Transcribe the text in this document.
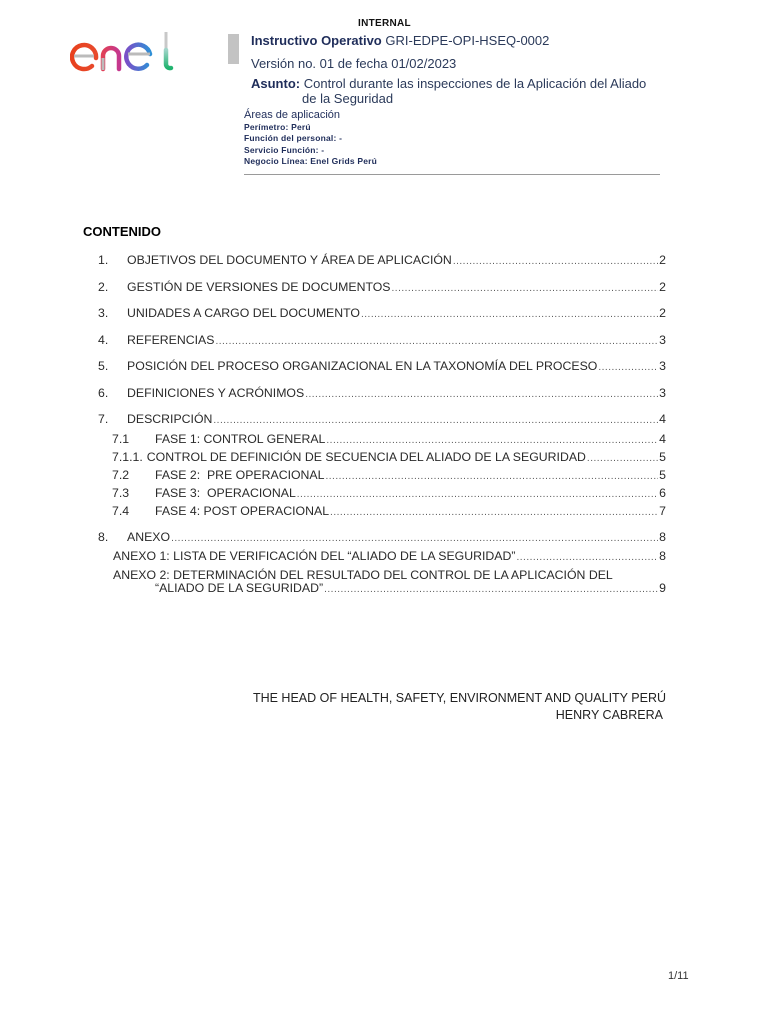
INTERNAL
Instructivo Operativo GRI-EDPE-OPI-HSEQ-0002
Versión no. 01 de fecha 01/02/2023
Asunto: Control durante las inspecciones de la Aplicación del Aliado
de la Seguridad
Áreas de aplicación
Perímetro: Perú
Función del personal: -
Servicio Función: -
Negocio Línea: Enel Grids Perú
CONTENIDO
1.	OBJETIVOS DEL DOCUMENTO Y ÁREA DE APLICACIÓN .....	2
2.	GESTIÓN DE VERSIONES DE DOCUMENTOS .....	2
3.	UNIDADES A CARGO DEL DOCUMENTO .....	2
4.	REFERENCIAS .....	3
5.	POSICIÓN DEL PROCESO ORGANIZACIONAL EN LA TAXONOMÍA DEL PROCESO .....	3
6.	DEFINICIONES Y ACRÓNIMOS .....	3
7.	DESCRIPCIÓN .....	4
7.1	FASE 1: CONTROL GENERAL .....	4
7.1.1. CONTROL DE DEFINICIÓN DE SECUENCIA DEL ALIADO DE LA SEGURIDAD .....	5
7.2	FASE 2:  PRE OPERACIONAL .....	5
7.3	FASE 3:  OPERACIONAL .....	6
7.4	FASE 4: POST OPERACIONAL .....	7
8.	ANEXO .....	8
ANEXO 1: LISTA DE VERIFICACIÓN DEL “ALIADO DE LA SEGURIDAD” .....	8
ANEXO 2: DETERMINACIÓN DEL RESULTADO DEL CONTROL DE LA APLICACIÓN DEL
“ALIADO DE LA SEGURIDAD” .....	9
THE HEAD OF HEALTH, SAFETY, ENVIRONMENT AND QUALITY PERÚ
HENRY CABRERA
1/11
